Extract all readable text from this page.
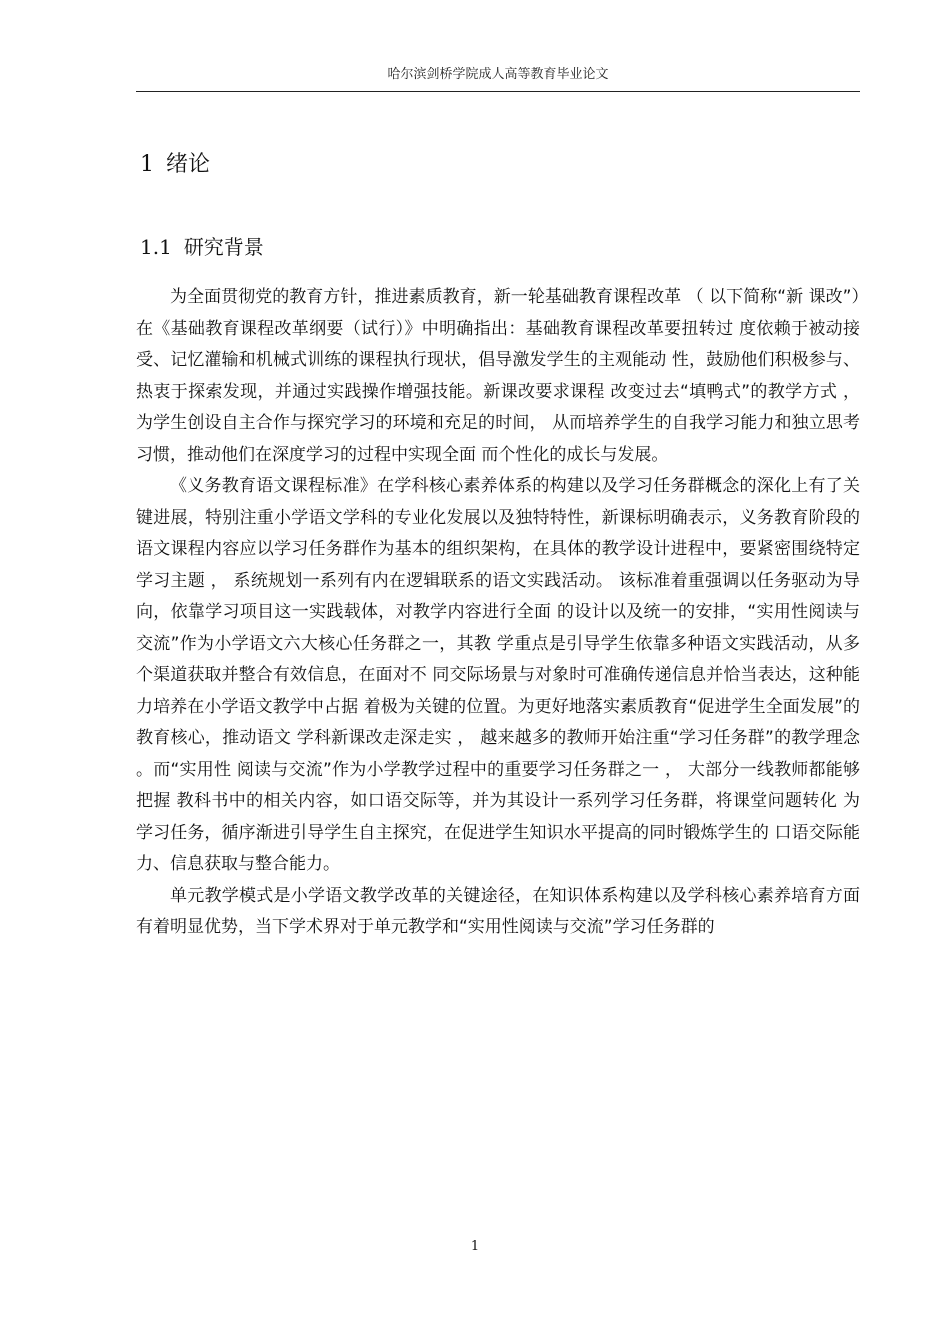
哈尔滨剑桥学院成人高等教育毕业论文
1 绪论
1.1 研究背景

为全面贯彻党的教育方针，推进素质教育，新一轮基础教育课程改革 （ 以下简称“新 课改”）在《基础教育课程改革纲要（试行）》中明确指出：基础教育课程改革要扭转过 度依赖于被动接受、记忆灌输和机械式训练的课程执行现状，倡导激发学生的主观能动 性，鼓励他们积极参与、热衷于探索发现，并通过实践操作增强技能。新课改要求课程 改变过去“填鸭式”的教学方式 ，为学生创设自主合作与探究学习的环境和充足的时间， 从而培养学生的自我学习能力和独立思考习惯，推动他们在深度学习的过程中实现全面 而个性化的成长与发展。

《义务教育语文课程标准》在学科核心素养体系的构建以及学习任务群概念的深化上有了关键进展，特别注重小学语文学科的专业化发展以及独特特性，新课标明确表示，义务教育阶段的语文课程内容应以学习任务群作为基本的组织架构，在具体的教学设计进程中，要紧密围绕特定学习主题 ， 系统规划一系列有内在逻辑联系的语文实践活动。 该标准着重强调以任务驱动为导向，依靠学习项目这一实践载体，对教学内容进行全面 的设计以及统一的安排，“实用性阅读与交流”作为小学语文六大核心任务群之一，其教 学重点是引导学生依靠多种语文实践活动，从多个渠道获取并整合有效信息，在面对不 同交际场景与对象时可准确传递信息并恰当表达，这种能力培养在小学语文教学中占据 着极为关键的位置。为更好地落实素质教育“促进学生全面发展”的教育核心，推动语文 学科新课改走深走实 ， 越来越多的教师开始注重“学习任务群”的教学理念 。而“实用性 阅读与交流”作为小学教学过程中的重要学习任务群之一 ， 大部分一线教师都能够把握 教科书中的相关内容，如口语交际等，并为其设计一系列学习任务群，将课堂问题转化 为学习任务，循序渐进引导学生自主探究，在促进学生知识水平提高的同时锻炼学生的 口语交际能力、信息获取与整合能力。

单元教学模式是小学语文教学改革的关键途径，在知识体系构建以及学科核心素养培育方面有着明显优势，当下学术界对于单元教学和“实用性阅读与交流”学习任务群的

1
